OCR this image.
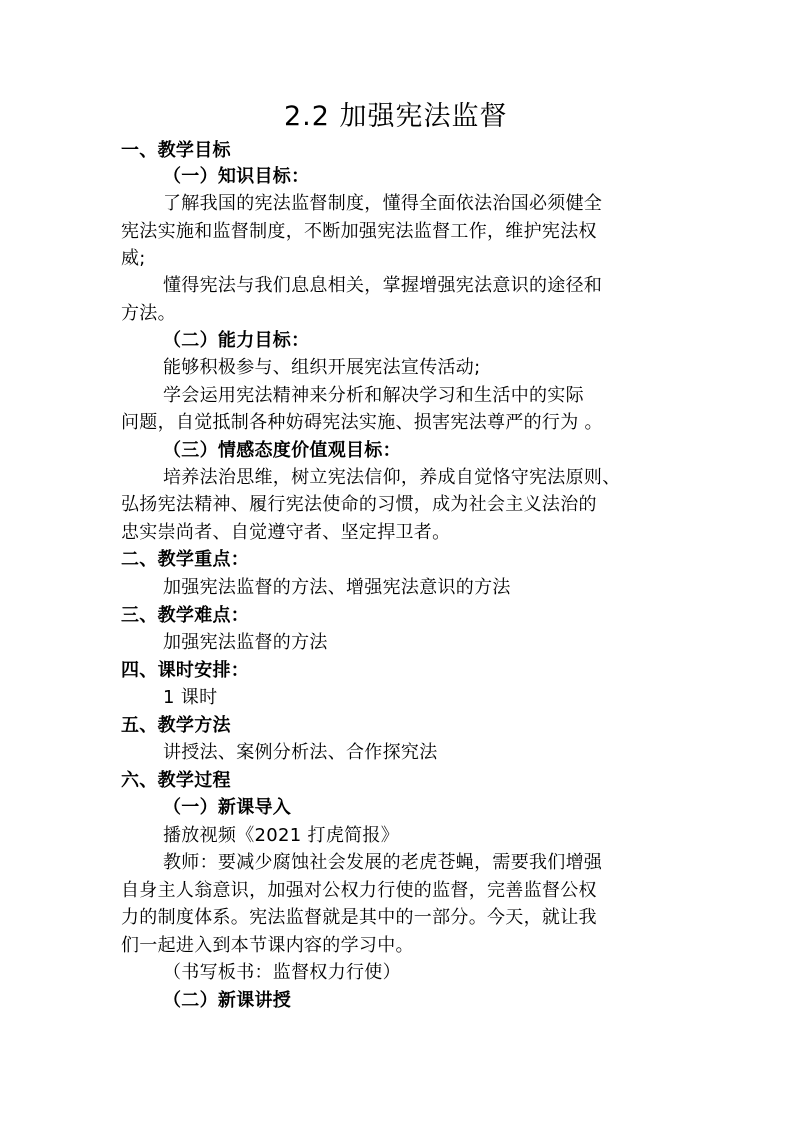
2.2 加强宪法监督
一、教学目标
（一）知识目标：
了解我国的宪法监督制度，懂得全面依法治国必须健全
宪法实施和监督制度，不断加强宪法监督工作，维护宪法权
威;
懂得宪法与我们息息相关，掌握增强宪法意识的途径和
方法。
（二）能力目标：
能够积极参与、组织开展宪法宣传活动;
学会运用宪法精神来分析和解决学习和生活中的实际
问题，自觉抵制各种妨碍宪法实施、损害宪法尊严的行为 。
（三）情感态度价值观目标：
培养法治思维，树立宪法信仰，养成自觉恪守宪法原则、
弘扬宪法精神、履行宪法使命的习惯，成为社会主义法治的
忠实崇尚者、自觉遵守者、坚定捍卫者。
二、教学重点：
加强宪法监督的方法、增强宪法意识的方法
三、教学难点：
加强宪法监督的方法
四、课时安排：
1 课时
五、教学方法
讲授法、案例分析法、合作探究法
六、教学过程
（一）新课导入
播放视频《2021 打虎简报》
教师：要减少腐蚀社会发展的老虎苍蝇，需要我们增强
自身主人翁意识，加强对公权力行使的监督，完善监督公权
力的制度体系。宪法监督就是其中的一部分。今天，就让我
们一起进入到本节课内容的学习中。
（书写板书：监督权力行使）
（二）新课讲授
